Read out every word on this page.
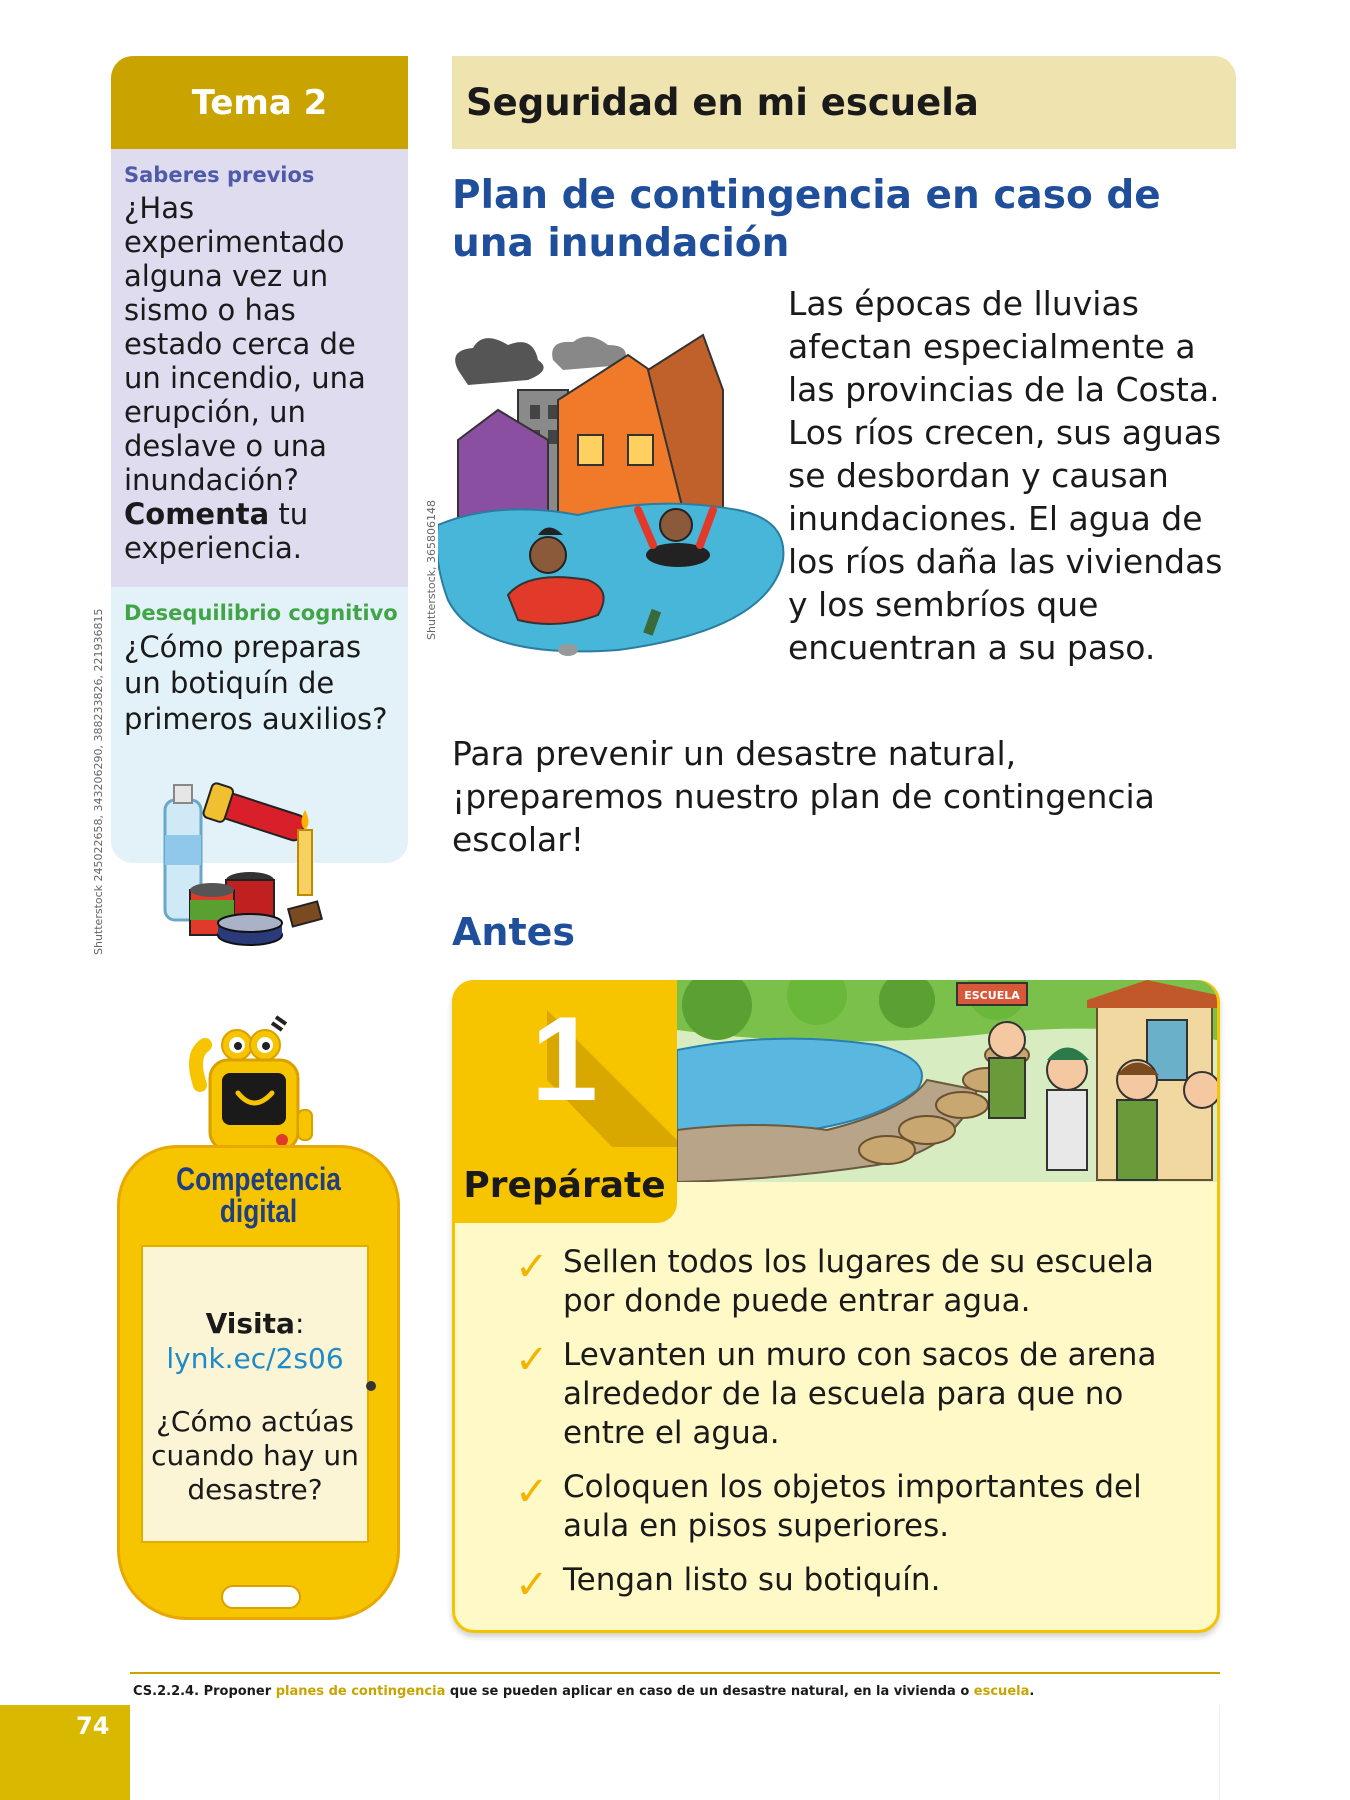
Tema 2
Saberes previos
¿Has experimentado alguna vez un sismo o has estado cerca de un incendio, una erupción, un deslave o una inundación? Comenta tu experiencia.
Desequilibrio cognitivo
¿Cómo preparas un botiquín de primeros auxilios?
Shutterstock 245022658, 343206290, 388233826, 221936815
Competencia
digital
Visita:
lynk.ec/2s06
¿Cómo actúas cuando hay un desastre?
Seguridad en mi escuela
Plan de contingencia en caso de una inundación
Shutterstock, 365806148
Las épocas de lluvias afectan especialmente a las provincias de la Costa. Los ríos crecen, sus aguas se desbordan y causan inundaciones. El agua de los ríos daña las viviendas y los sembríos que encuentran a su paso.
Para prevenir un desastre natural, ¡preparemos nuestro plan de contingencia escolar!
Antes
1
Prepárate
ESCUELA
✓ Sellen todos los lugares de su escuela por donde puede entrar agua.
✓ Levanten un muro con sacos de arena alrededor de la escuela para que no entre el agua.
✓ Coloquen los objetos importantes del aula en pisos superiores.
✓ Tengan listo su botiquín.
CS.2.2.4. Proponer planes de contingencia que se pueden aplicar en caso de un desastre natural, en la vivienda o escuela.
74
